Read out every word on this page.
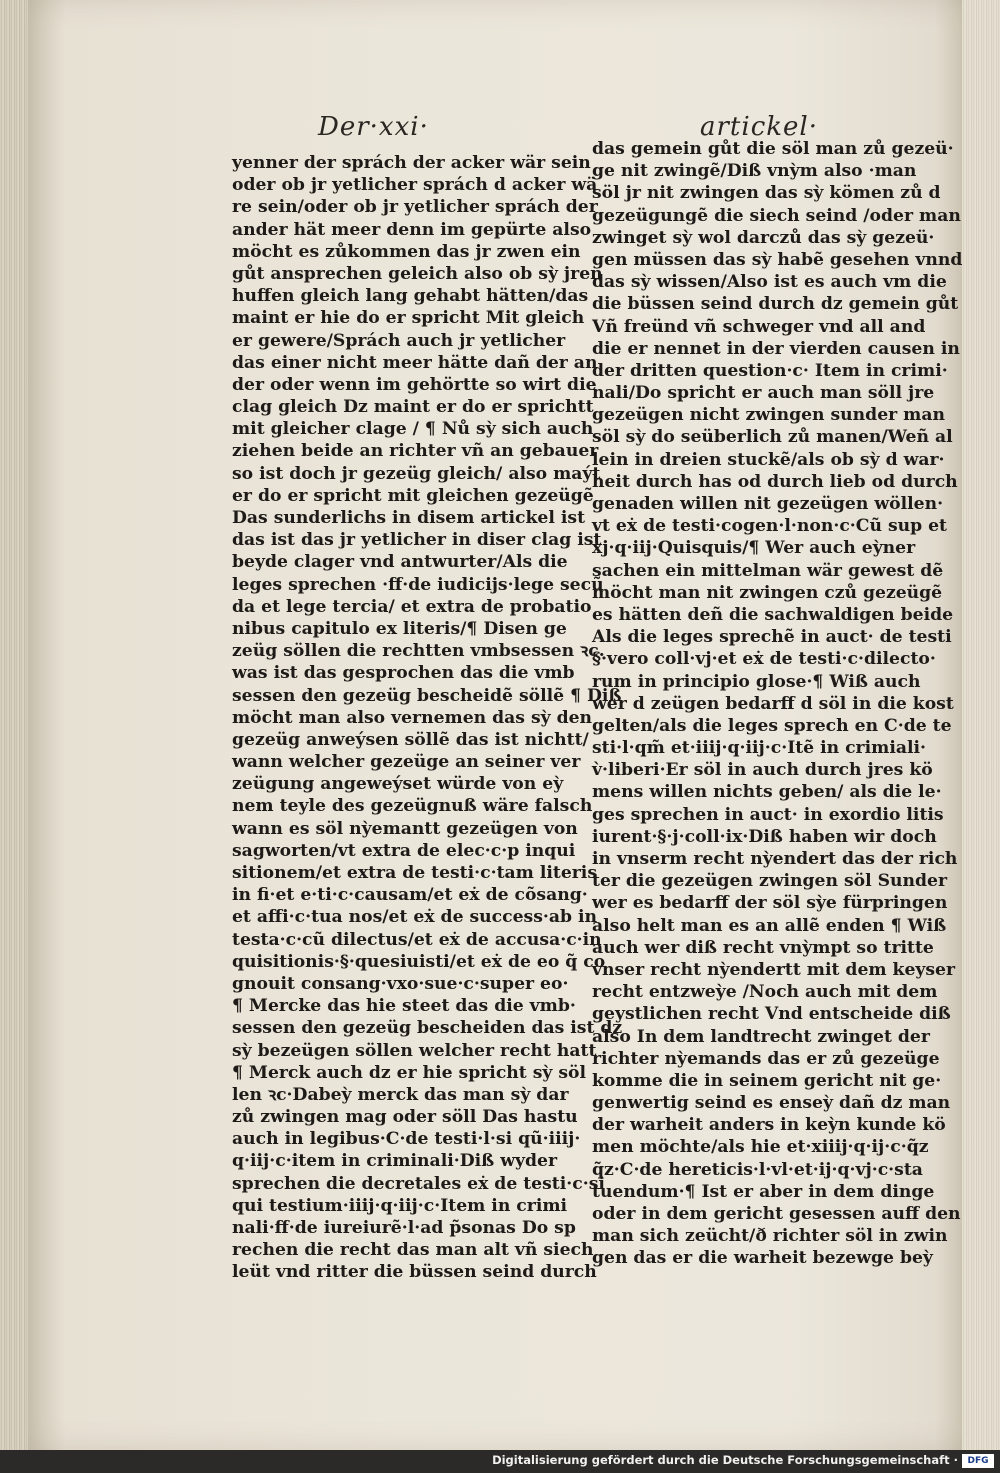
Der·xxi·	artickel·
yenner der sprách der acker wär sein
oder ob jr yetlicher sprách d acker wä
re sein/oder ob jr yetlicher sprách der
ander hät meer denn im gepürte also
möcht es zůkommen das jr zwen ein
gůt ansprechen geleich also ob sỳ jren
huffen gleich lang gehabt hätten/das
maint er hie do er spricht Mit gleich
er gewere/Sprách auch jr yetlicher
das einer nicht meer hätte dañ der an
der oder wenn im gehörtte so wirt die
clag gleich Dz maint er do er sprichtt
mit gleicher clage / ¶ Nů sỳ sich auch
ziehen beide an richter vñ an gebauer
so ist doch jr gezeüg gleich/ also maýt
er do er spricht mit gleichen gezeügẽ
Das sunderlichs in disem artickel ist
das ist das jr yetlicher in diser clag ist
beyde clager vnd antwurter/Als die
leges sprechen ·ff·de iudicijs·lege secũ
da et lege tercia/ et extra de probatio
nibus capitulo ex literis/¶ Disen ge
zeüg söllen die rechtten vmbsessen ꝛc.
was ist das gesprochen das die vmb
sessen den gezeüg bescheidẽ söllẽ ¶ Diß
möcht man also vernemen das sỳ den
gezeüg anweýsen söllẽ das ist nichtt/
wann welcher gezeüge an seiner ver
zeügung angeweýset würde von eỳ
nem teyle des gezeügnuß wäre falsch
wann es söl nỳemantt gezeügen von
sagworten/vt extra de elec·c·p inqui
sitionem/et extra de testi·c·tam literis
in fi·et e·ti·c·causam/et eẋ de cõsang·
et affi·c·tua nos/et eẋ de success·ab in
testa·c·cũ dilectus/et eẋ de accusa·c·in
quisitionis·§·quesiuisti/et eẋ de eo q̃ co
gnouit consang·vxo·sue·c·super eo·
¶ Mercke das hie steet das die vmb·
sessen den gezeüg bescheiden das ist dz
sỳ bezeügen söllen welcher recht hatt
¶ Merck auch dz er hie spricht sỳ söl
len ꝛc·Dabeỳ merck das man sỳ dar
zů zwingen mag oder söll Das hastu
auch in legibus·C·de testi·l·si qũ·iiij·
q·iij·c·item in criminali·Diß wyder
sprechen die decretales eẋ de testi·c·si
qui testium·iiij·q·iij·c·Item in crimi
nali·ff·de iureiurẽ·l·ad p̃sonas Do sp
rechen die recht das man alt vñ siech
leüt vnd ritter die büssen seind durch
das gemein gůt die söl man zů gezeü·
ge nit zwingẽ/Diß vnỳm also ·man
söl jr nit zwingen das sỳ kömen zů d
gezeügungẽ die siech seind /oder man
zwinget sỳ wol darczů das sỳ gezeü·
gen müssen das sỳ habẽ gesehen vnnd
das sỳ wissen/Also ist es auch vm die
die büssen seind durch dz gemein gůt
Vñ freünd vñ schweger vnd all and
die er nennet in der vierden causen in
der dritten question·c· Item in crimi·
nali/Do spricht er auch man söll jre
gezeügen nicht zwingen sunder man
söl sỳ do seüberlich zů manen/Weñ al
lein in dreien stuckẽ/als ob sỳ d war·
heit durch has od durch lieb od durch
genaden willen nit gezeügen wöllen·
vt eẋ de testi·cogen·l·non·c·Cũ sup et
xj·q·iij·Quisquis/¶ Wer auch eỳner
sachen ein mittelman wär gewest dẽ
möcht man nit zwingen czů gezeügẽ
es hätten deñ die sachwaldigen beide
Als die leges sprechẽ in auct· de testi
§·vero coll·vj·et eẋ de testi·c·dilecto·
rum in principio glose·¶ Wiß auch
wer d zeügen bedarff d söl in die kost
gelten/als die leges sprech en C·de te
sti·l·qm̃ et·iiij·q·iij·c·Itẽ in crimiali·
v̀·liberi·Er söl in auch durch jres kö
mens willen nichts geben/ als die le·
ges sprechen in auct· in exordio litis
iurent·§·j·coll·ix·Diß haben wir doch
in vnserm recht nỳendert das der rich
ter die gezeügen zwingen söl Sunder
wer es bedarff der söl sỳe fürpringen
also helt man es an allẽ enden ¶ Wiß
auch wer diß recht vnỳmpt so tritte
vnser recht nỳendertt mit dem keyser
recht entzweỳe /Noch auch mit dem
geystlichen recht Vnd entscheide diß
also In dem landtrecht zwinget der
richter nỳemands das er zů gezeüge
komme die in seinem gericht nit ge·
genwertig seind es enseỳ dañ dz man
der warheit anders in keỳn kunde kö
men möchte/als hie et·xiiij·q·ij·c·q̃z
q̃z·C·de hereticis·l·vl·et·ij·q·vj·c·sta
tuendum·¶ Ist er aber in dem dinge
oder in dem gericht gesessen auff den
man sich zeücht/ð richter söl in zwin
gen das er die warheit bezewge beỳ
Digitalisierung gefördert durch die Deutsche Forschungsgemeinschaft ·	DFG
